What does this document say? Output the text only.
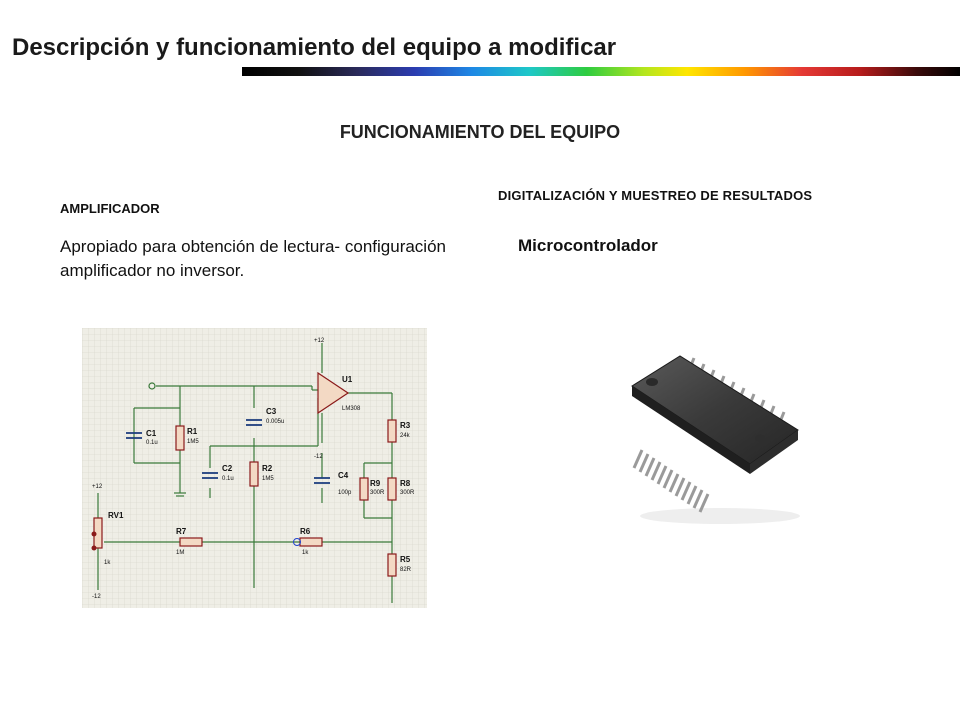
Descripción y funcionamiento del equipo a modificar
FUNCIONAMIENTO DEL EQUIPO
AMPLIFICADOR
DIGITALIZACIÓN Y MUESTREO DE RESULTADOS
Apropiado para obtención de lectura- configuración amplificador no inversor.
Microcontrolador
+12
-12
+12
-12
RV1
1k
C1
0.1u
R1
1M5
C3
0.005u
C2
0.1u
R2
1M5
U1
LM308
R3
24k
C4
100p
R9
300R
R8
300R
R7
1M
R6
1k
R5
82R
